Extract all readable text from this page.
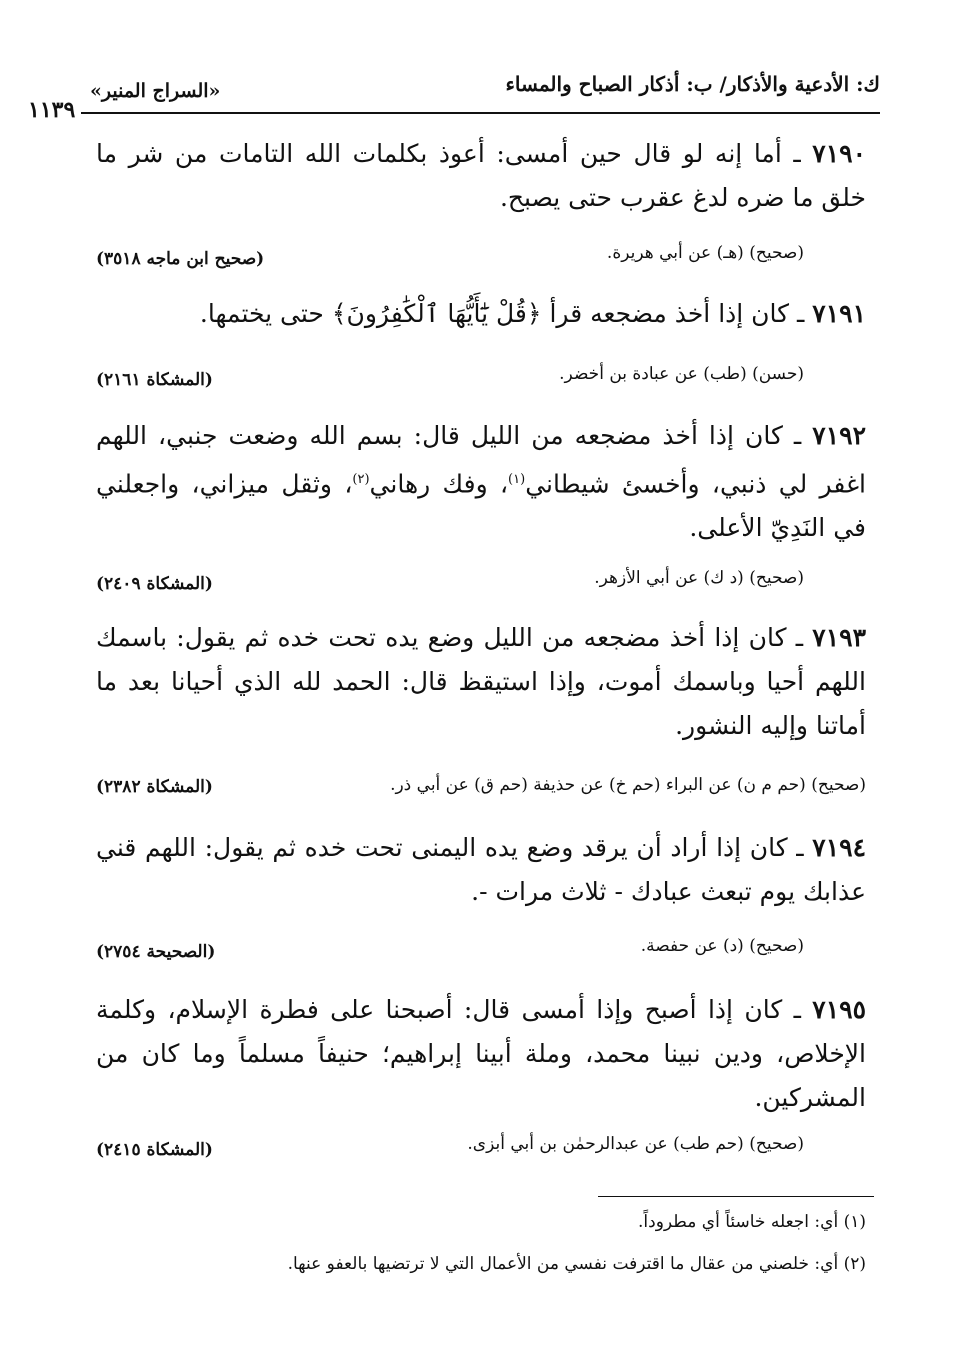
ك: الأدعية والأذكار/ ب: أذكار الصباح والمساء
«السراج المنير»
١١٣٩
٧١٩٠ ـ أما إنه لو قال حين أمسى: أعوذ بكلمات الله التامات من شر ما خلق ما ضره لدغ عقرب حتى يصبح.
(صحيح) (هـ) عن أبي هريرة.
(صحيح ابن ماجه ٣٥١٨)
٧١٩١ ـ كان إذا أخذ مضجعه قرأ ﴿قُلْ يَٰٓأَيُّهَا ٱلْكَٰفِرُونَ﴾ حتى يختمها.
(حسن) (طب) عن عبادة بن أخضر.
(المشكاة ٢١٦١)
٧١٩٢ ـ كان إذا أخذ مضجعه من الليل قال: بسم الله وضعت جنبي، اللهم اغفر لي ذنبي، وأخسئ شيطاني$^{(١)}$، وفك رهاني$^{(٢)}$، وثقل ميزاني، واجعلني في النَدِيّ الأعلى.
(صحيح) (د ك) عن أبي الأزهر.
(المشكاة ٢٤٠٩)
٧١٩٣ ـ كان إذا أخذ مضجعه من الليل وضع يده تحت خده ثم يقول: باسمك اللهم أحيا وباسمك أموت، وإذا استيقظ قال: الحمد لله الذي أحيانا بعد ما أماتنا وإليه النشور.
(صحيح) (حم م ن) عن البراء (حم خ) عن حذيفة (حم ق) عن أبي ذر.
(المشكاة ٢٣٨٢)
٧١٩٤ ـ كان إذا أراد أن يرقد وضع يده اليمنى تحت خده ثم يقول: اللهم قني عذابك يوم تبعث عبادك - ثلاث مرات -.
(صحيح) (د) عن حفصة.
(الصحيحة ٢٧٥٤)
٧١٩٥ ـ كان إذا أصبح وإذا أمسى قال: أصبحنا على فطرة الإسلام، وكلمة الإخلاص، ودين نبينا محمد، وملة أبينا إبراهيم؛ حنيفاً مسلماً وما كان من المشركين.
(صحيح) (حم طب) عن عبدالرحمٰن بن أبي أبزى.
(المشكاة ٢٤١٥)
(١) أي: اجعله خاسئاً أي مطروداً.
(٢) أي: خلصني من عقال ما اقترفت نفسي من الأعمال التي لا ترتضيها بالعفو عنها.
